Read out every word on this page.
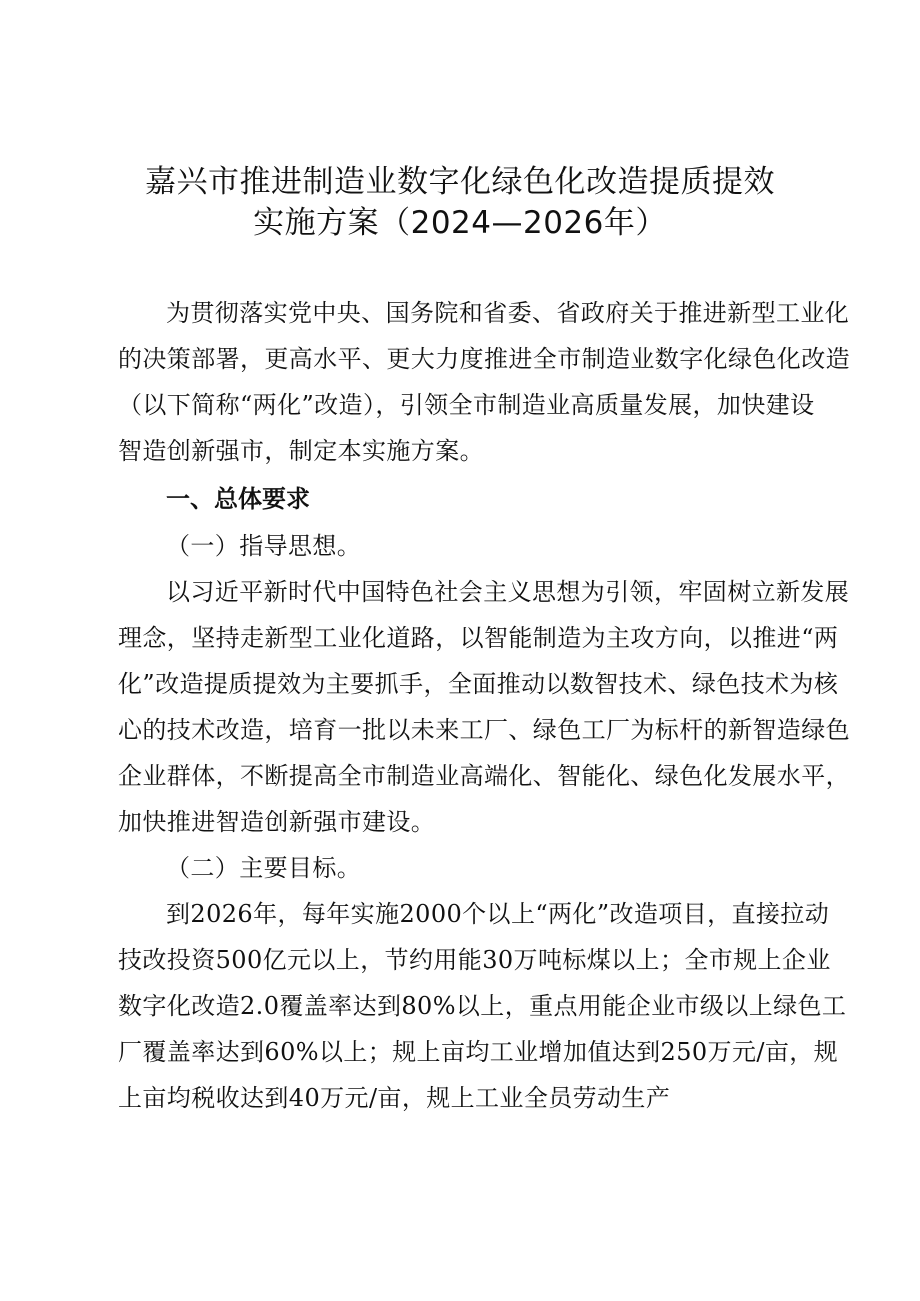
嘉兴市推进制造业数字化绿色化改造提质提效
实施方案（2024—2026年）
为贯彻落实党中央、国务院和省委、省政府关于推进新型工业化
的决策部署，更高水平、更大力度推进全市制造业数字化绿色化改造
（以下简称“两化”改造），引领全市制造业高质量发展，加快建设
智造创新强市，制定本实施方案。
一、总体要求
（一）指导思想。
以习近平新时代中国特色社会主义思想为引领，牢固树立新发展
理念，坚持走新型工业化道路，以智能制造为主攻方向，以推进“两
化”改造提质提效为主要抓手，全面推动以数智技术、绿色技术为核
心的技术改造，培育一批以未来工厂、绿色工厂为标杆的新智造绿色
企业群体，不断提高全市制造业高端化、智能化、绿色化发展水平，
加快推进智造创新强市建设。
（二）主要目标。
到2026年，每年实施2000个以上“两化”改造项目，直接拉动
技改投资500亿元以上，节约用能30万吨标煤以上；全市规上企业
数字化改造2.0覆盖率达到80%以上，重点用能企业市级以上绿色工
厂覆盖率达到60%以上；规上亩均工业增加值达到250万元/亩，规
上亩均税收达到40万元/亩，规上工业全员劳动生产
